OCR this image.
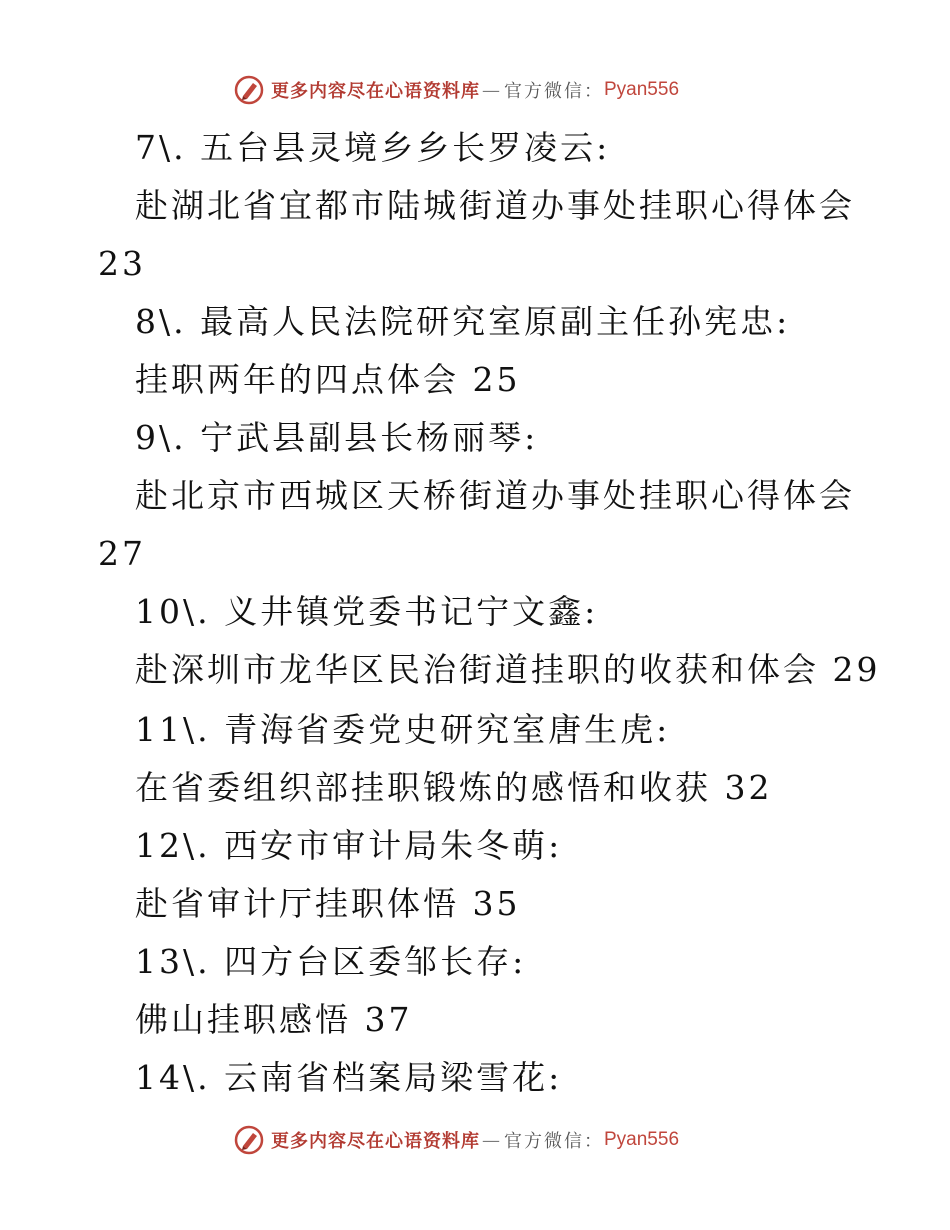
更多内容尽在心语资料库 — 官方微信： Pyan556
7\. 五台县灵境乡乡长罗凌云:
赴湖北省宜都市陆城街道办事处挂职心得体会
23
8\. 最高人民法院研究室原副主任孙宪忠:
挂职两年的四点体会 25
9\. 宁武县副县长杨丽琴:
赴北京市西城区天桥街道办事处挂职心得体会
27
10\. 义井镇党委书记宁文鑫:
赴深圳市龙华区民治街道挂职的收获和体会 29
11\. 青海省委党史研究室唐生虎:
在省委组织部挂职锻炼的感悟和收获 32
12\. 西安市审计局朱冬萌:
赴省审计厅挂职体悟 35
13\. 四方台区委邹长存:
佛山挂职感悟 37
14\. 云南省档案局梁雪花:
更多内容尽在心语资料库 — 官方微信： Pyan556
